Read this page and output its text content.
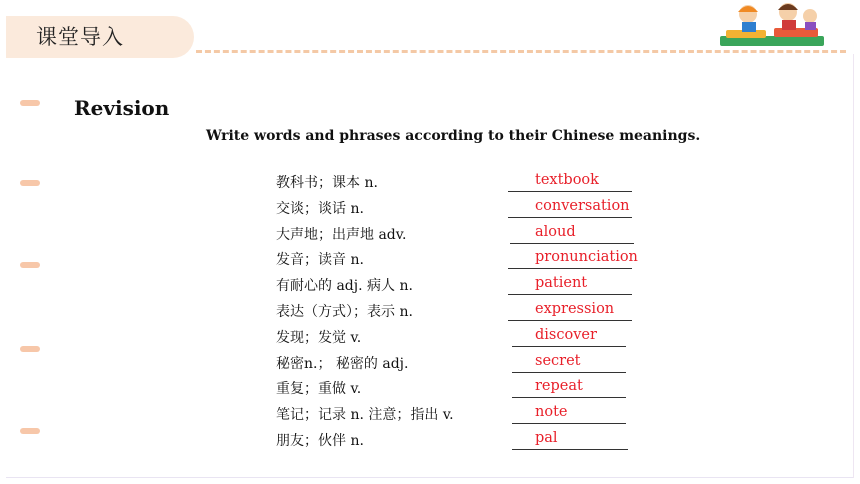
课堂导入
Revision
Write words and phrases according to their Chinese meanings.
教科书；课本 n.	textbook
交谈；谈话 n.	conversation
大声地；出声地 adv.	aloud
发音；读音 n.	pronunciation
有耐心的 adj. 病人 n.	patient
表达（方式）；表示 n.	expression
发现；发觉 v.	discover
秘密n.； 秘密的 adj.	secret
重复；重做 v.	repeat
笔记；记录 n. 注意；指出 v.	note
朋友；伙伴 n.	pal
